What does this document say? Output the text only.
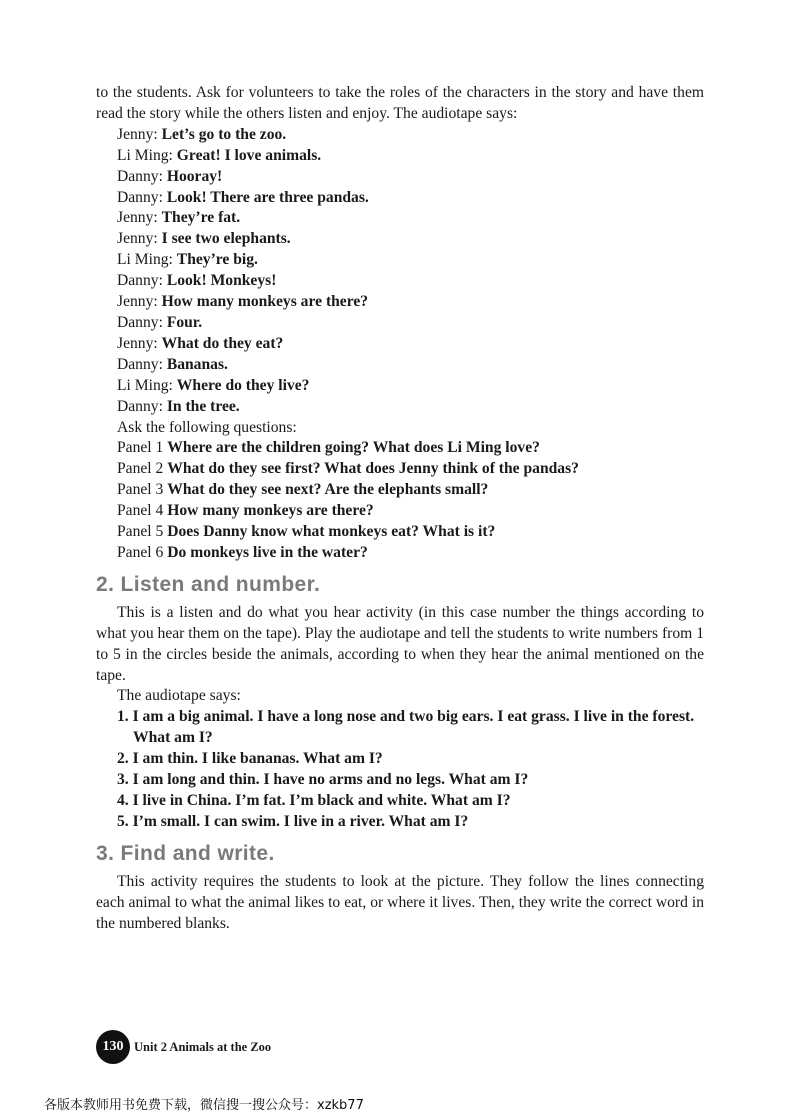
to the students. Ask for volunteers to take the roles of the characters in the story and have them read the story while the others listen and enjoy. The audiotape says:

Jenny: Let’s go to the zoo.

Li Ming: Great! I love animals.

Danny: Hooray!

Danny: Look! There are three pandas.

Jenny: They’re fat.

Jenny: I see two elephants.

Li Ming: They’re big.

Danny: Look! Monkeys!

Jenny: How many monkeys are there?

Danny: Four.

Jenny: What do they eat?

Danny: Bananas.

Li Ming: Where do they live?

Danny: In the tree.

Ask the following questions:

Panel 1 Where are the children going? What does Li Ming love?

Panel 2 What do they see first? What does Jenny think of the pandas?

Panel 3 What do they see next? Are the elephants small?

Panel 4 How many monkeys are there?

Panel 5 Does Danny know what monkeys eat? What is it?

Panel 6 Do monkeys live in the water?

2. Listen and number.

This is a listen and do what you hear activity (in this case number the things according to what you hear them on the tape). Play the audiotape and tell the students to write numbers from 1 to 5 in the circles beside the animals, according to when they hear the animal mentioned on the tape.

The audiotape says:

1. I am a big animal. I have a long nose and two big ears. I eat grass. I live in the forest. What am I?

2. I am thin. I like bananas. What am I?

3. I am long and thin. I have no arms and no legs. What am I?

4. I live in China. I’m fat. I’m black and white. What am I?

5. I’m small. I can swim. I live in a river. What am I?

3. Find and write.

This activity requires the students to look at the picture. They follow the lines connecting each animal to what the animal likes to eat, or where it lives. Then, they write the correct word in the numbered blanks.

130 Unit 2 Animals at the Zoo
各版本教师用书免费下载，微信搜一搜公众号：xzkb77
